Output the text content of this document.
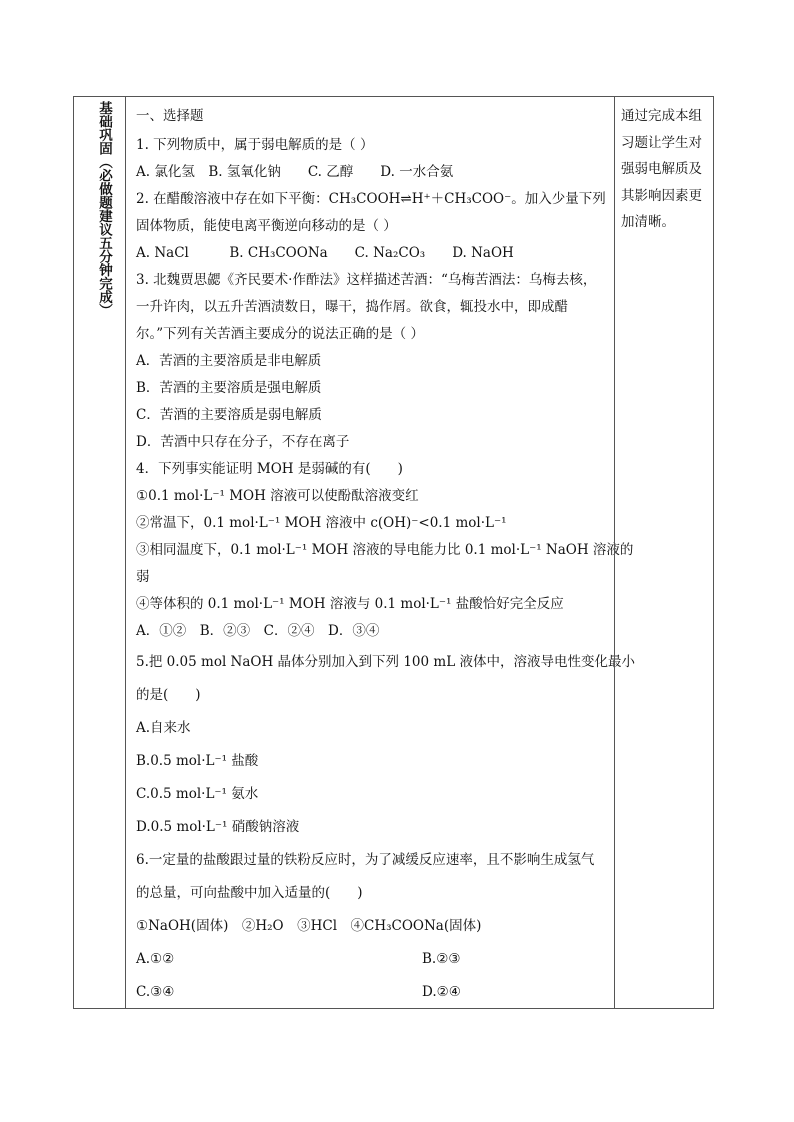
基础巩固（必做题建议五分钟完成） 一、选择题
1. 下列物质中，属于弱电解质的是（ ）
A. 氯化氢　B. 氢氧化钠　　C. 乙醇　　D. 一水合氨
2. 在醋酸溶液中存在如下平衡：CH₃COOH⇌H⁺＋CH₃COO⁻。加入少量下列
固体物质，能使电离平衡逆向移动的是（ ）
A. NaCl　　　B. CH₃COONa　　C. Na₂CO₃　　D. NaOH
3. 北魏贾思勰《齐民要术·作酢法》这样描述苦酒：“乌梅苦酒法：乌梅去核，
一升许肉，以五升苦酒渍数日，曝干，捣作屑。欲食，辄投水中，即成醋
尔。”下列有关苦酒主要成分的说法正确的是（ ）
A．苦酒的主要溶质是非电解质
B．苦酒的主要溶质是强电解质
C．苦酒的主要溶质是弱电解质
D．苦酒中只存在分子，不存在离子
4．下列事实能证明 MOH 是弱碱的有(　　)
①0.1 mol·L⁻¹ MOH 溶液可以使酚酞溶液变红
②常温下，0.1 mol·L⁻¹ MOH 溶液中 c(OH)⁻<0.1 mol·L⁻¹
③相同温度下，0.1 mol·L⁻¹ MOH 溶液的导电能力比 0.1 mol·L⁻¹ NaOH 溶液的
弱
④等体积的 0.1 mol·L⁻¹ MOH 溶液与 0.1 mol·L⁻¹ 盐酸恰好完全反应
A．①②　B．②③　C．②④　D．③④
5.把 0.05 mol NaOH 晶体分别加入到下列 100 mL 液体中，溶液导电性变化最小
的是(　　)
A.自来水
B.0.5 mol·L⁻¹ 盐酸
C.0.5 mol·L⁻¹ 氨水
D.0.5 mol·L⁻¹ 硝酸钠溶液
6.一定量的盐酸跟过量的铁粉反应时，为了减缓反应速率，且不影响生成氢气
的总量，可向盐酸中加入适量的(　　)
①NaOH(固体)　②H₂O　③HCl　④CH₃COONa(固体)
A.①②	B.②③
C.③④	D.②④
通过完成本组习题让学生对强弱电解质及其影响因素更加清晰。
